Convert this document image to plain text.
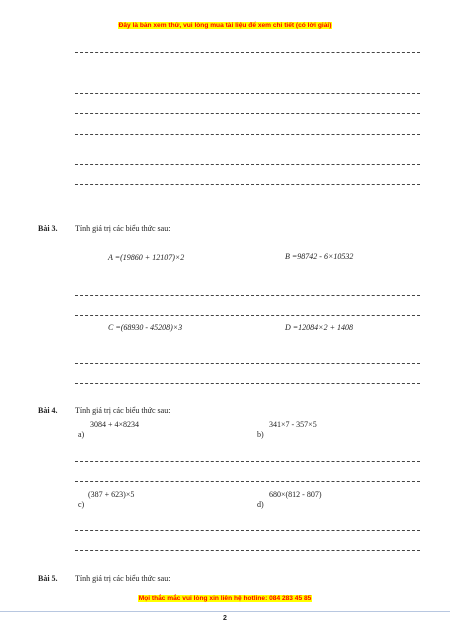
Đây là bản xem thử, vui lòng mua tài liệu để xem chi tiết (có lời giải)
Bài 3. Tính giá trị các biểu thức sau:
A =(19860 + 12107)×2	B =98742 - 6×10532
C =(68930 - 45208)×3	D =12084×2 + 1408
Bài 4. Tính giá trị các biểu thức sau:
3084 + 4×8234
a)
341×7 - 357×5
b)
(387 + 623)×5
c)
680×(812 - 807)
d)
Bài 5. Tính giá trị các biểu thức sau:
Mọi thắc mắc vui lòng xin liên hệ hotline: 084 283 45 85
2
